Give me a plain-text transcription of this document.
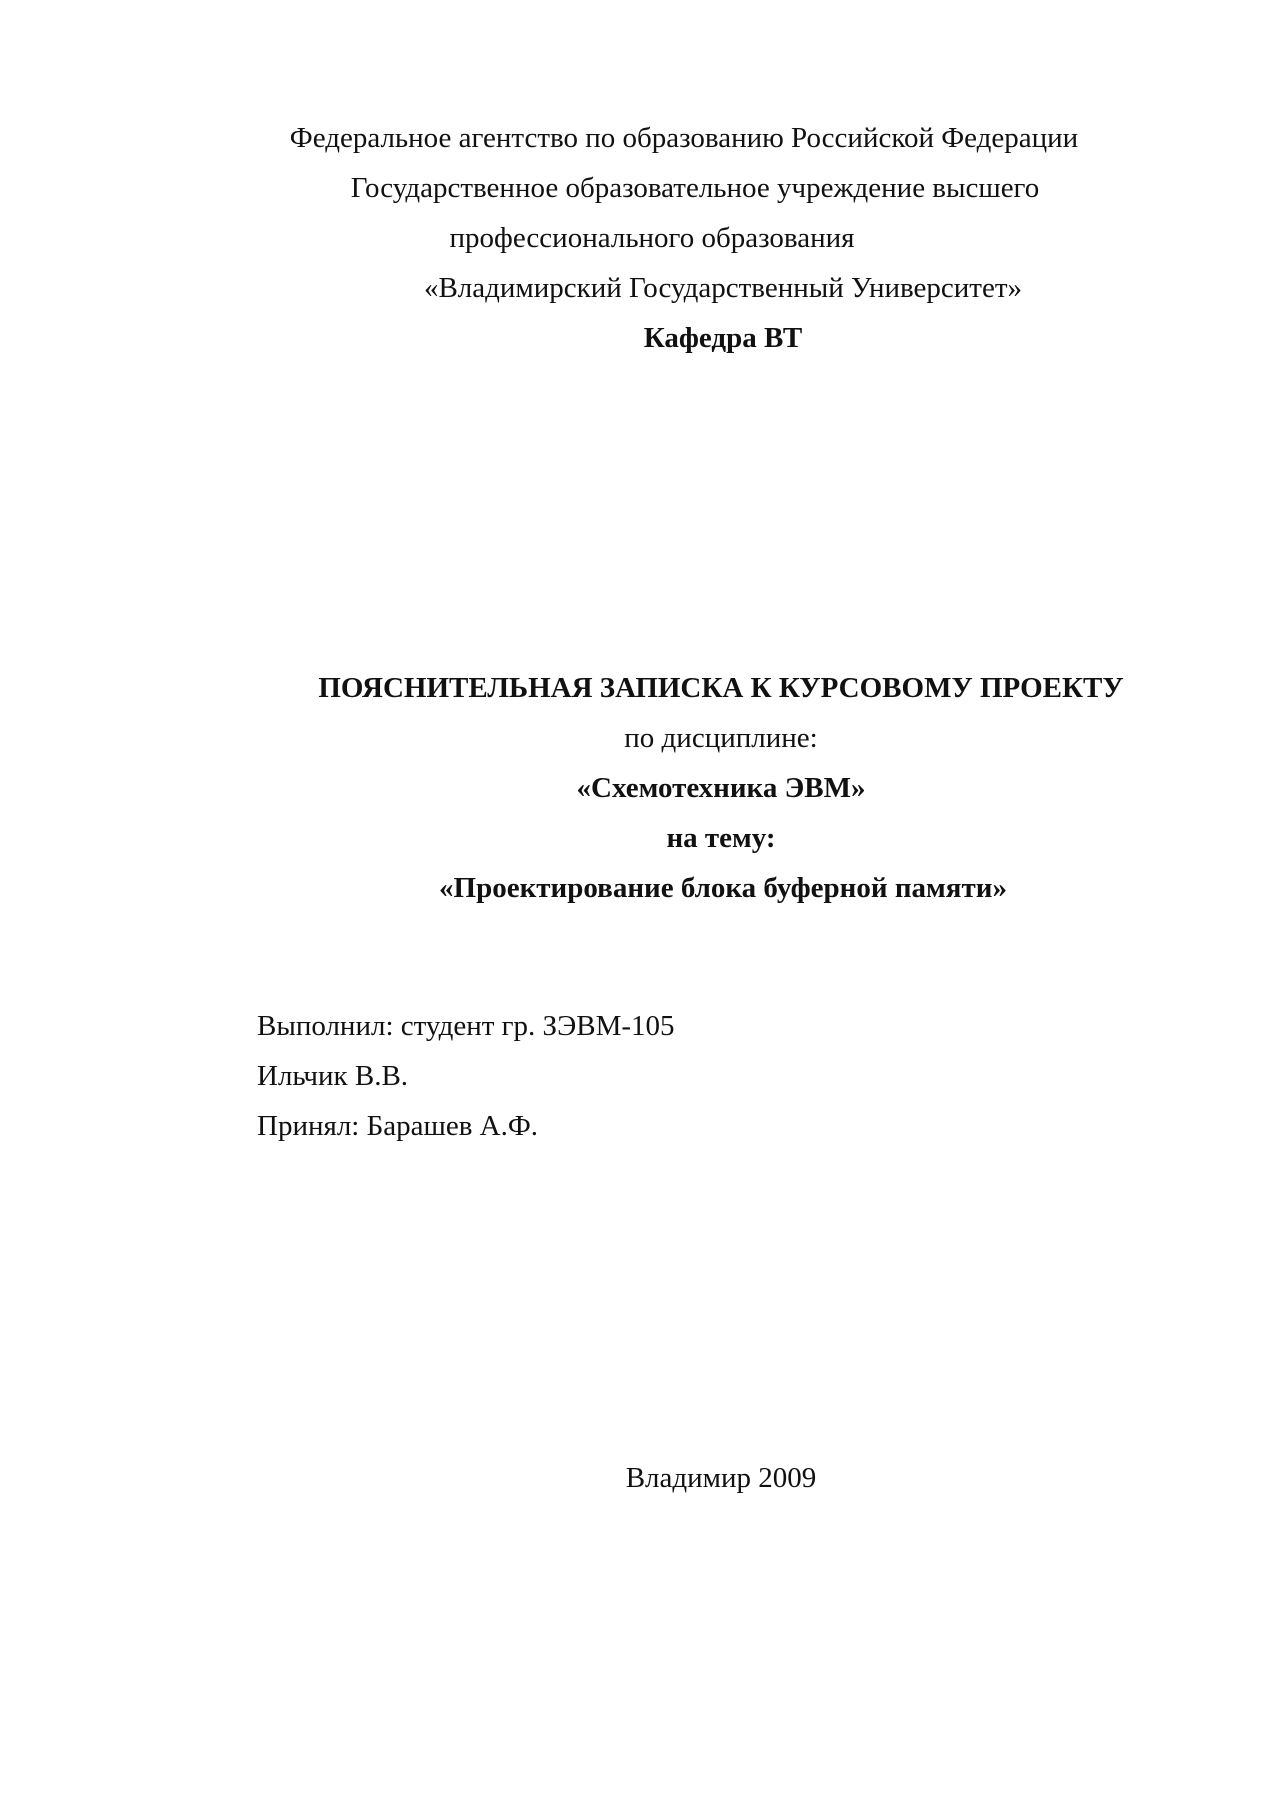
Федеральное агентство по образованию Российской Федерации
Государственное образовательное учреждение высшего
профессионального образования
«Владимирский Государственный Университет»
Кафедра ВТ
ПОЯСНИТЕЛЬНАЯ ЗАПИСКА К КУРСОВОМУ ПРОЕКТУ
по дисциплине:
«Схемотехника ЭВМ»
на тему:
«Проектирование блока буферной памяти»
Выполнил: студент гр. ЗЭВМ-105
Ильчик В.В.
Принял: Барашев А.Ф.
Владимир 2009
